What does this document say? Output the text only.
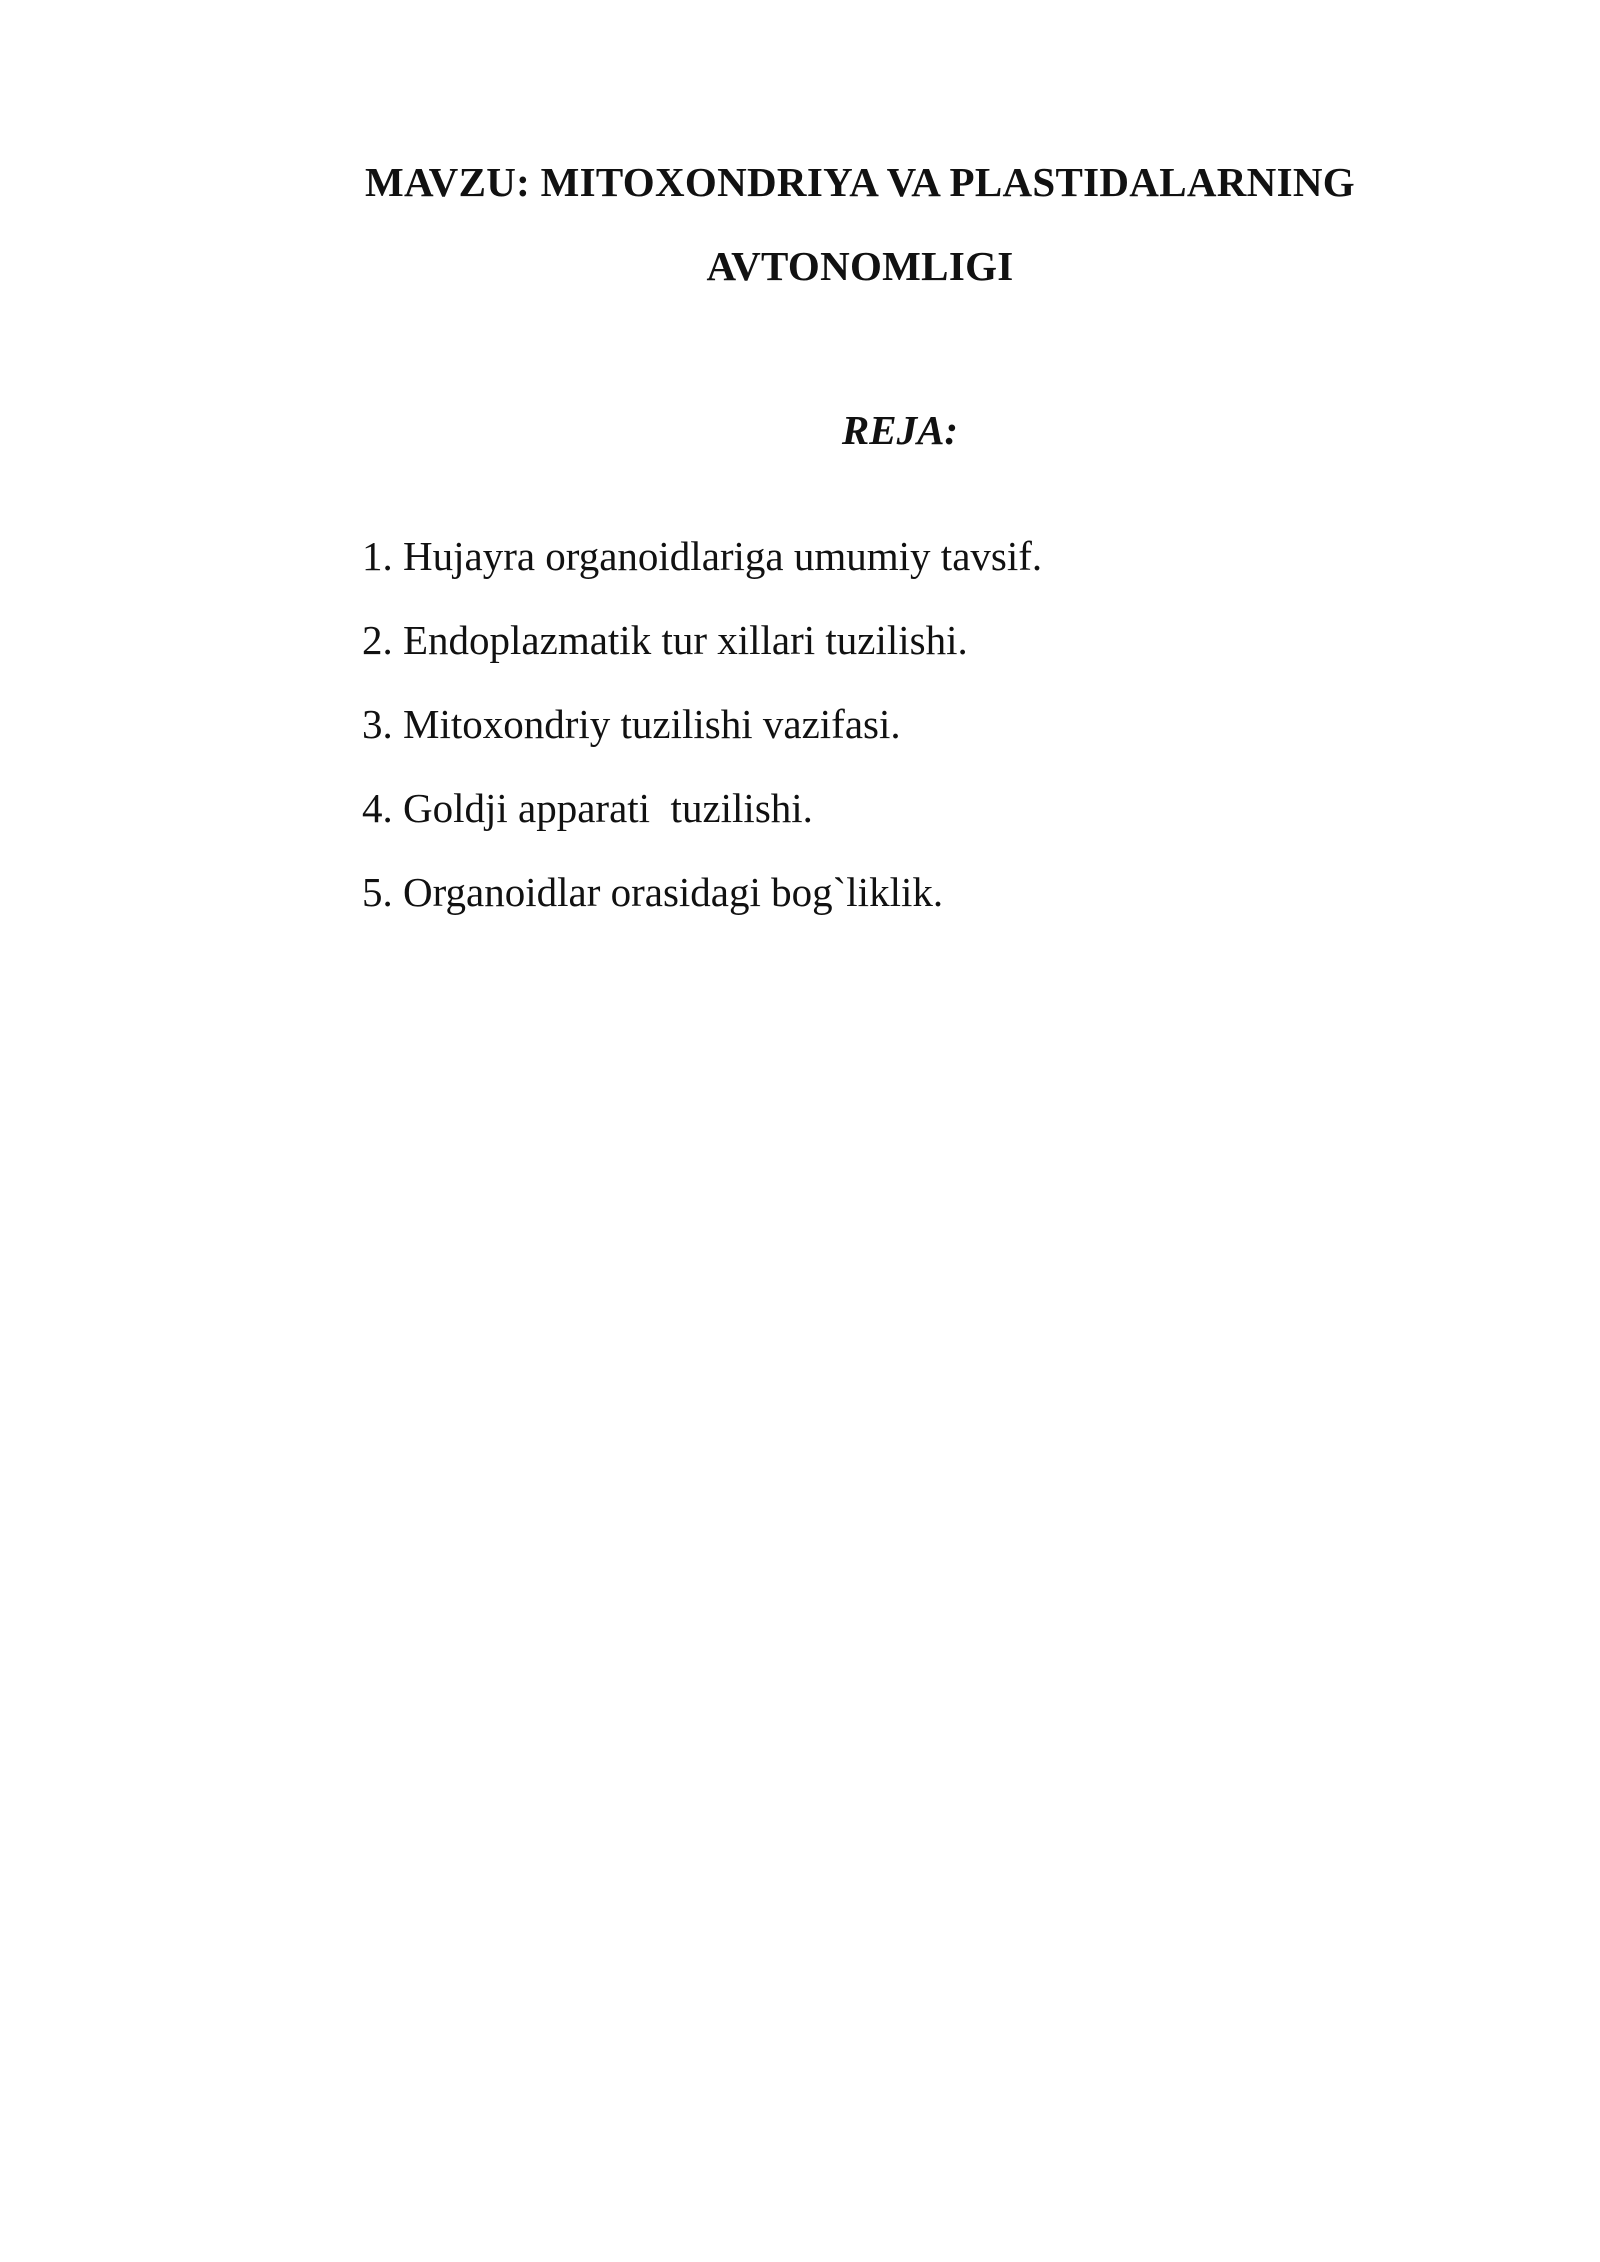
MAVZU: MITOXONDRIYA VA PLASTIDALARNING
AVTONOMLIGI
REJA:
1. Hujayra organoidlariga umumiy tavsif.
2. Endoplazmatik tur xillari tuzilishi.
3. Mitoxondriy tuzilishi vazifasi.
4. Goldji apparati  tuzilishi.
5. Organoidlar orasidagi bog`liklik.
